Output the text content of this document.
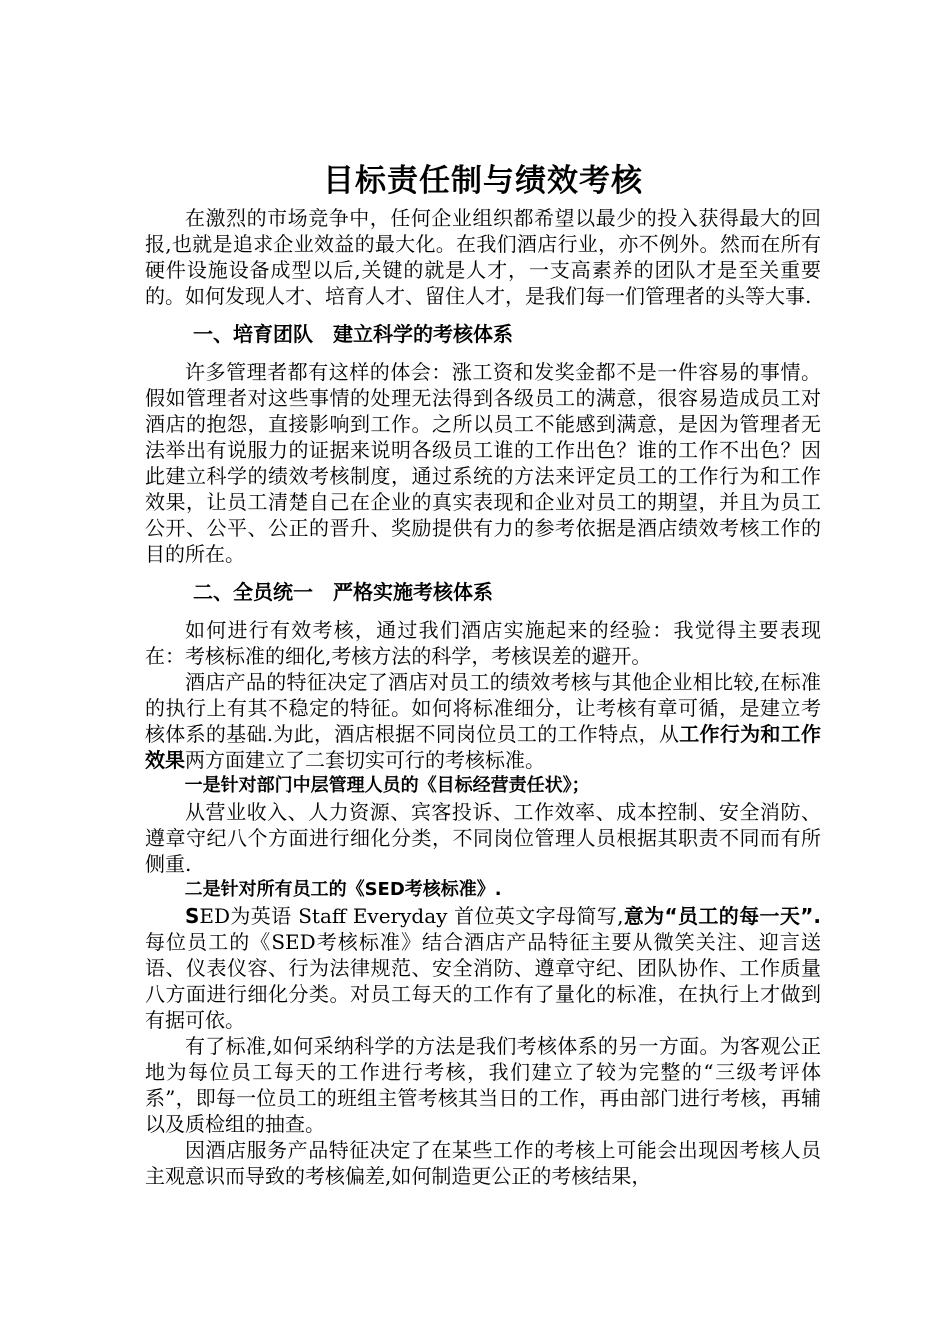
目标责任制与绩效考核

在激烈的市场竞争中，任何企业组织都希望以最少的投入获得最大的回报,也就是追求企业效益的最大化。在我们酒店行业，亦不例外。然而在所有硬件设施设备成型以后,关键的就是人才，一支高素养的团队才是至关重要的。如何发现人才、培育人才、留住人才，是我们每一们管理者的头等大事.

一、培育团队　建立科学的考核体系

许多管理者都有这样的体会：涨工资和发奖金都不是一件容易的事情。假如管理者对这些事情的处理无法得到各级员工的满意，很容易造成员工对酒店的抱怨，直接影响到工作。之所以员工不能感到满意，是因为管理者无法举出有说服力的证据来说明各级员工谁的工作出色？谁的工作不出色？因此建立科学的绩效考核制度，通过系统的方法来评定员工的工作行为和工作效果，让员工清楚自己在企业的真实表现和企业对员工的期望，并且为员工公开、公平、公正的晋升、奖励提供有力的参考依据是酒店绩效考核工作的目的所在。

二、全员统一　严格实施考核体系

如何进行有效考核，通过我们酒店实施起来的经验：我觉得主要表现在：考核标准的细化,考核方法的科学，考核误差的避开。

酒店产品的特征决定了酒店对员工的绩效考核与其他企业相比较,在标准的执行上有其不稳定的特征。如何将标准细分，让考核有章可循，是建立考核体系的基础.为此，酒店根据不同岗位员工的工作特点，从工作行为和工作效果两方面建立了二套切实可行的考核标准。

一是针对部门中层管理人员的《目标经营责任状》；

从营业收入、人力资源、宾客投诉、工作效率、成本控制、安全消防、遵章守纪八个方面进行细化分类，不同岗位管理人员根据其职责不同而有所侧重.

二是针对所有员工的《SED考核标准》.

SED为英语 Staff Everyday 首位英文字母简写,意为“员工的每一天”.每位员工的《SED考核标准》结合酒店产品特征主要从微笑关注、迎言送语、仪表仪容、行为法律规范、安全消防、遵章守纪、团队协作、工作质量八方面进行细化分类。对员工每天的工作有了量化的标准，在执行上才做到有据可依。

有了标准,如何采纳科学的方法是我们考核体系的另一方面。为客观公正地为每位员工每天的工作进行考核，我们建立了较为完整的“三级考评体系”，即每一位员工的班组主管考核其当日的工作，再由部门进行考核，再辅以及质检组的抽查。

因酒店服务产品特征决定了在某些工作的考核上可能会出现因考核人员主观意识而导致的考核偏差,如何制造更公正的考核结果，
